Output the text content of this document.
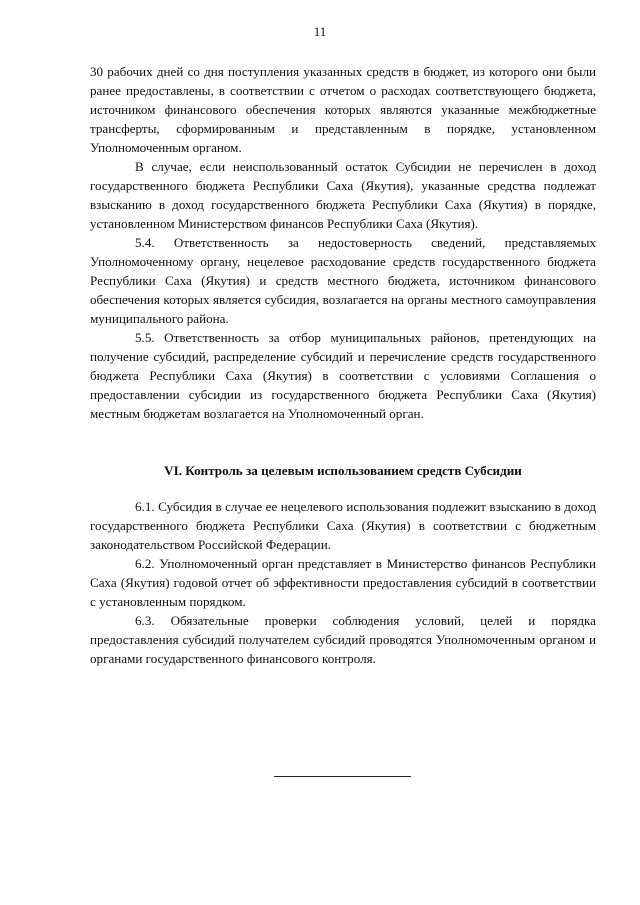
11

30 рабочих дней со дня поступления указанных средств в бюджет, из которого они были ранее предоставлены, в соответствии с отчетом о расходах соответствующего бюджета, источником финансового обеспечения которых являются указанные межбюджетные трансферты, сформированным и представленным в порядке, установленном Уполномоченным органом.

В случае, если неиспользованный остаток Субсидии не перечислен в доход государственного бюджета Республики Саха (Якутия), указанные средства подлежат взысканию в доход государственного бюджета Республики Саха (Якутия) в порядке, установленном Министерством финансов Республики Саха (Якутия).

5.4. Ответственность за недостоверность сведений, представляемых Уполномоченному органу, нецелевое расходование средств государственного бюджета Республики Саха (Якутия) и средств местного бюджета, источником финансового обеспечения которых является субсидия, возлагается на органы местного самоуправления муниципального района.

5.5. Ответственность за отбор муниципальных районов, претендующих на получение субсидий, распределение субсидий и перечисление средств государственного бюджета Республики Саха (Якутия) в соответствии с условиями Соглашения о предоставлении субсидии из государственного бюджета Республики Саха (Якутия) местным бюджетам возлагается на Уполномоченный орган.

VI. Контроль за целевым использованием средств Субсидии

6.1. Субсидия в случае ее нецелевого использования подлежит взысканию в доход государственного бюджета Республики Саха (Якутия) в соответствии с бюджетным законодательством Российской Федерации.

6.2. Уполномоченный орган представляет в Министерство финансов Республики Саха (Якутия) годовой отчет об эффективности предоставления субсидий в соответствии с установленным порядком.

6.3. Обязательные проверки соблюдения условий, целей и порядка предоставления субсидий получателем субсидий проводятся Уполномоченным органом и органами государственного финансового контроля.
